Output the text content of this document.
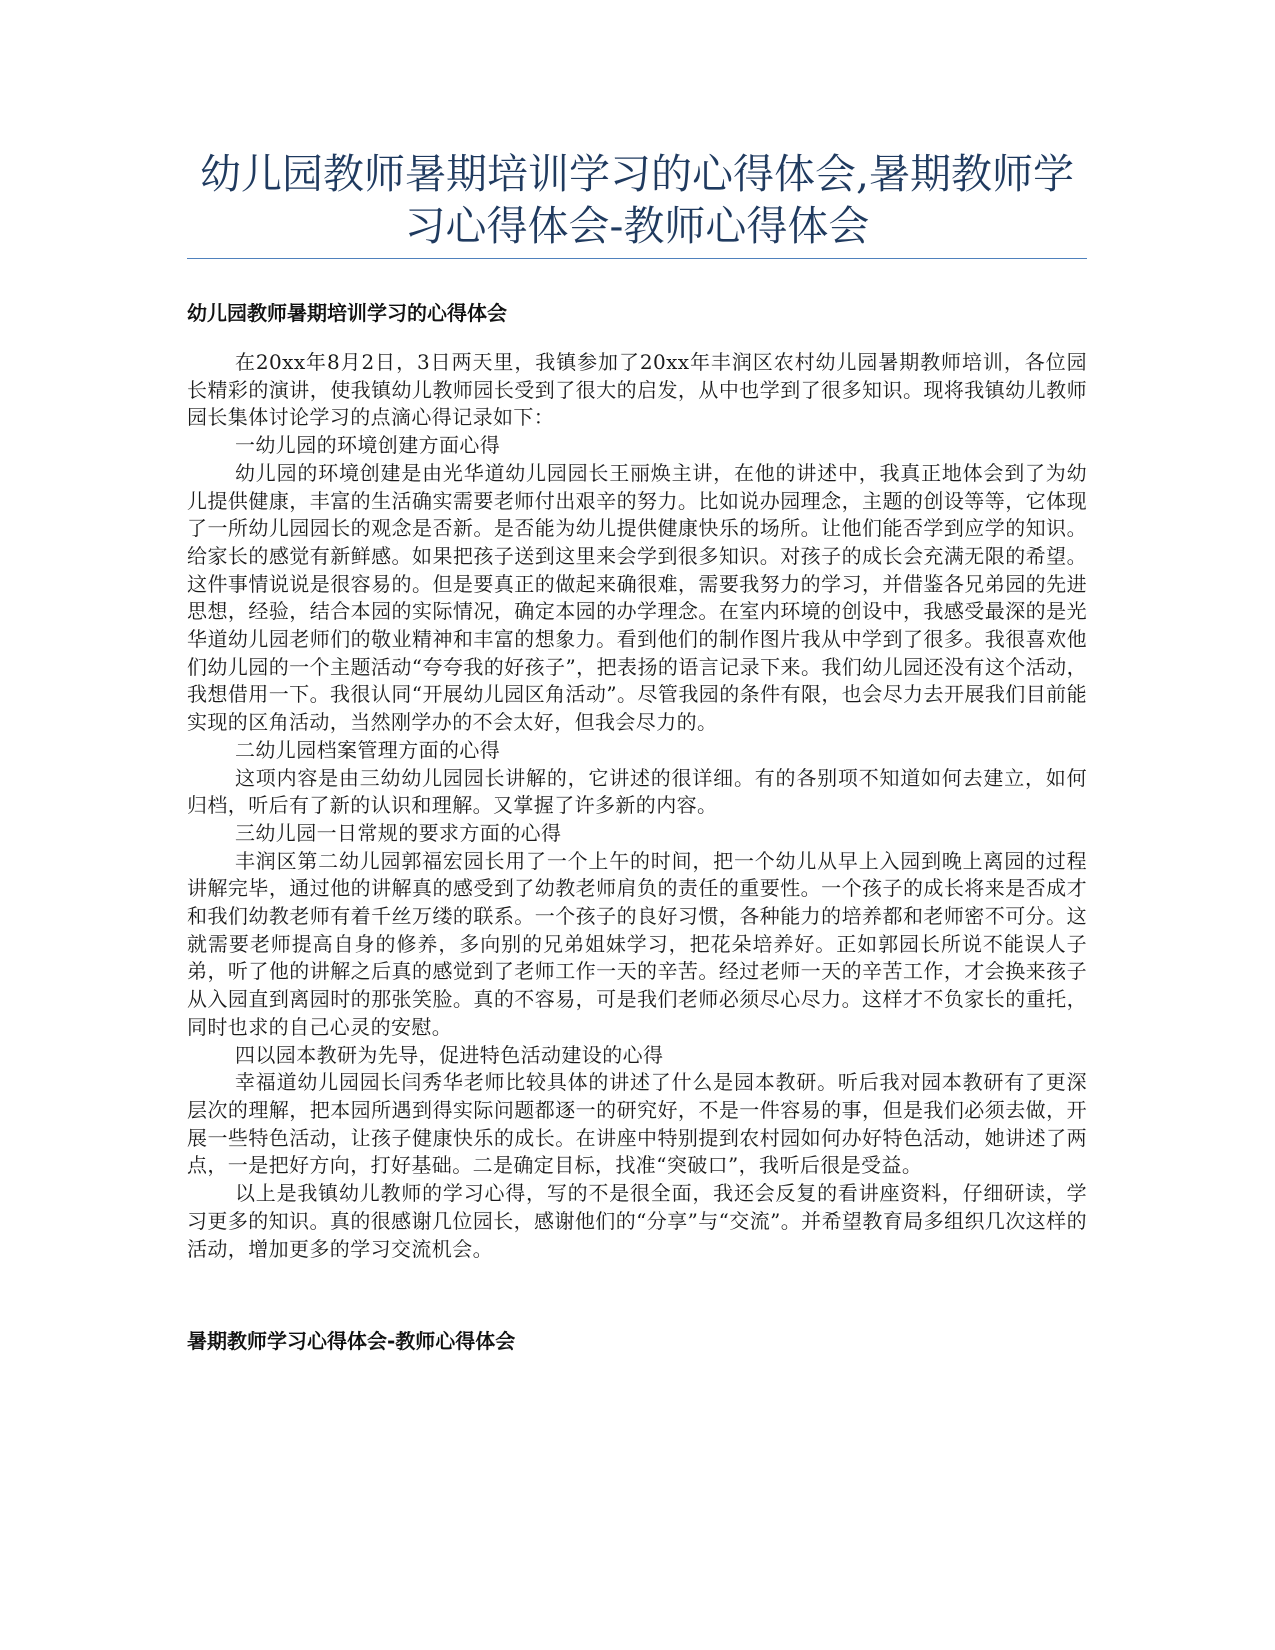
幼儿园教师暑期培训学习的心得体会,暑期教师学习心得体会-教师心得体会
幼儿园教师暑期培训学习的心得体会

在20xx年8月2日，3日两天里，我镇参加了20xx年丰润区农村幼儿园暑期教师培训，各位园长精彩的演讲，使我镇幼儿教师园长受到了很大的启发，从中也学到了很多知识。现将我镇幼儿教师园长集体讨论学习的点滴心得记录如下：

一幼儿园的环境创建方面心得

幼儿园的环境创建是由光华道幼儿园园长王丽焕主讲，在他的讲述中，我真正地体会到了为幼儿提供健康，丰富的生活确实需要老师付出艰辛的努力。比如说办园理念，主题的创设等等，它体现了一所幼儿园园长的观念是否新。是否能为幼儿提供健康快乐的场所。让他们能否学到应学的知识。给家长的感觉有新鲜感。如果把孩子送到这里来会学到很多知识。对孩子的成长会充满无限的希望。这件事情说说是很容易的。但是要真正的做起来确很难，需要我努力的学习，并借鉴各兄弟园的先进思想，经验，结合本园的实际情况，确定本园的办学理念。在室内环境的创设中，我感受最深的是光华道幼儿园老师们的敬业精神和丰富的想象力。看到他们的制作图片我从中学到了很多。我很喜欢他们幼儿园的一个主题活动“夸夸我的好孩子”，把表扬的语言记录下来。我们幼儿园还没有这个活动，我想借用一下。我很认同“开展幼儿园区角活动”。尽管我园的条件有限，也会尽力去开展我们目前能实现的区角活动，当然刚学办的不会太好，但我会尽力的。

二幼儿园档案管理方面的心得

这项内容是由三幼幼儿园园长讲解的，它讲述的很详细。有的各别项不知道如何去建立，如何归档，听后有了新的认识和理解。又掌握了许多新的内容。

三幼儿园一日常规的要求方面的心得

丰润区第二幼儿园郭福宏园长用了一个上午的时间，把一个幼儿从早上入园到晚上离园的过程讲解完毕，通过他的讲解真的感受到了幼教老师肩负的责任的重要性。一个孩子的成长将来是否成才和我们幼教老师有着千丝万缕的联系。一个孩子的良好习惯，各种能力的培养都和老师密不可分。这就需要老师提高自身的修养，多向别的兄弟姐妹学习，把花朵培养好。正如郭园长所说不能误人子弟，听了他的讲解之后真的感觉到了老师工作一天的辛苦。经过老师一天的辛苦工作，才会换来孩子从入园直到离园时的那张笑脸。真的不容易，可是我们老师必须尽心尽力。这样才不负家长的重托，同时也求的自己心灵的安慰。

四以园本教研为先导，促进特色活动建设的心得

幸福道幼儿园园长闫秀华老师比较具体的讲述了什么是园本教研。听后我对园本教研有了更深层次的理解，把本园所遇到得实际问题都逐一的研究好，不是一件容易的事，但是我们必须去做，开展一些特色活动，让孩子健康快乐的成长。在讲座中特别提到农村园如何办好特色活动，她讲述了两点，一是把好方向，打好基础。二是确定目标，找准“突破口”，我听后很是受益。

以上是我镇幼儿教师的学习心得，写的不是很全面，我还会反复的看讲座资料，仔细研读，学习更多的知识。真的很感谢几位园长，感谢他们的“分享”与“交流”。并希望教育局多组织几次这样的活动，增加更多的学习交流机会。

暑期教师学习心得体会-教师心得体会
